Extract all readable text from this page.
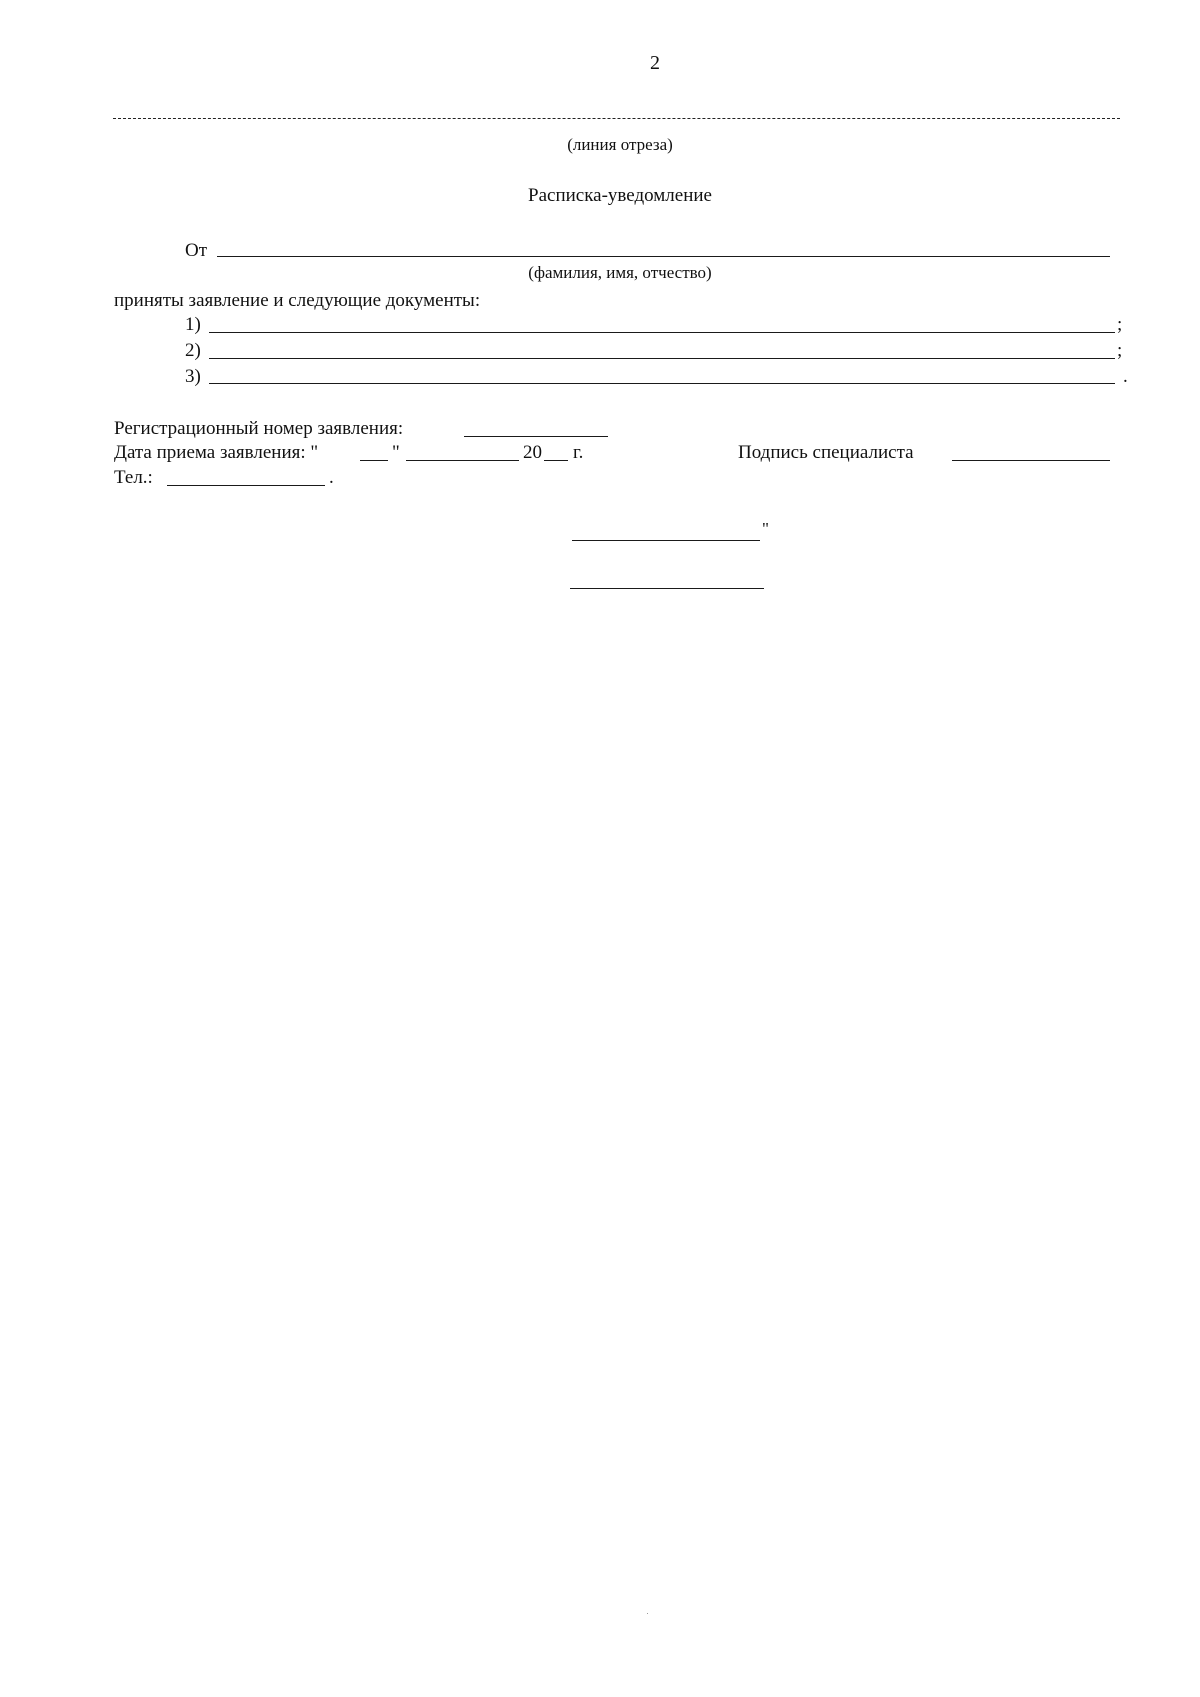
2
(линия отреза)
Расписка-уведомление
От
(фамилия, имя, отчество)
приняты заявление и следующие документы:
1)	;
2)	;
3)	.
Регистрационный номер заявления:
Дата приема заявления: "	"	20 г.	Подпись специалиста
Тел.:	.
"
